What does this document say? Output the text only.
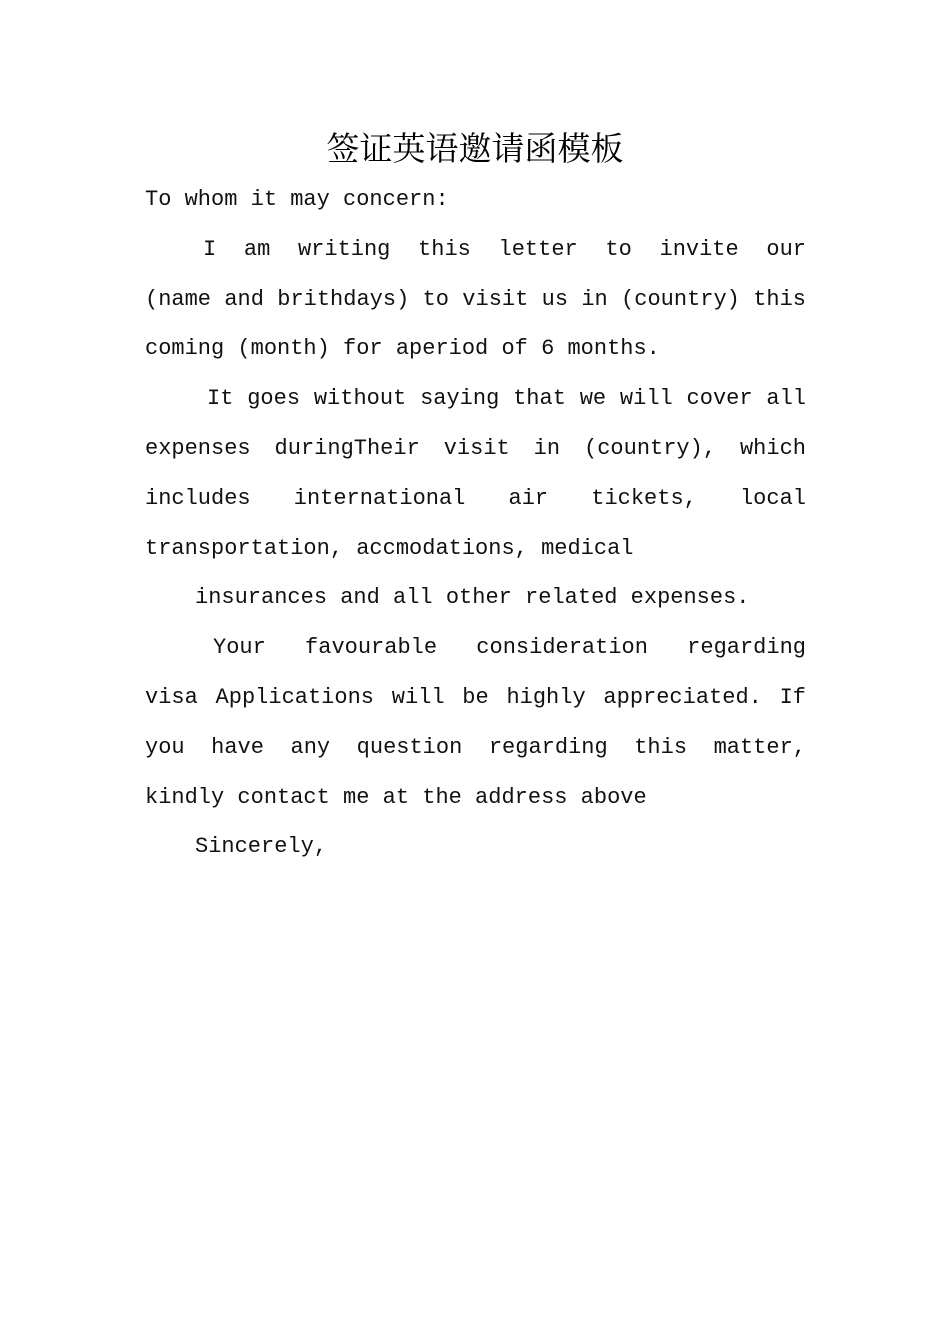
签证英语邀请函模板
To whom it may concern:
I am writing this letter to invite our
(name and brithdays) to visit us in (country) this
coming (month) for aperiod of 6 months.
It goes without saying that we will cover all
expenses duringTheir visit in (country), which
includes international air tickets, local
transportation, accmodations, medical
insurances and all other related expenses.
Your favourable consideration regarding
visa Applications will be highly appreciated. If
you have any question regarding this matter,
kindly contact me at the address above
Sincerely,
